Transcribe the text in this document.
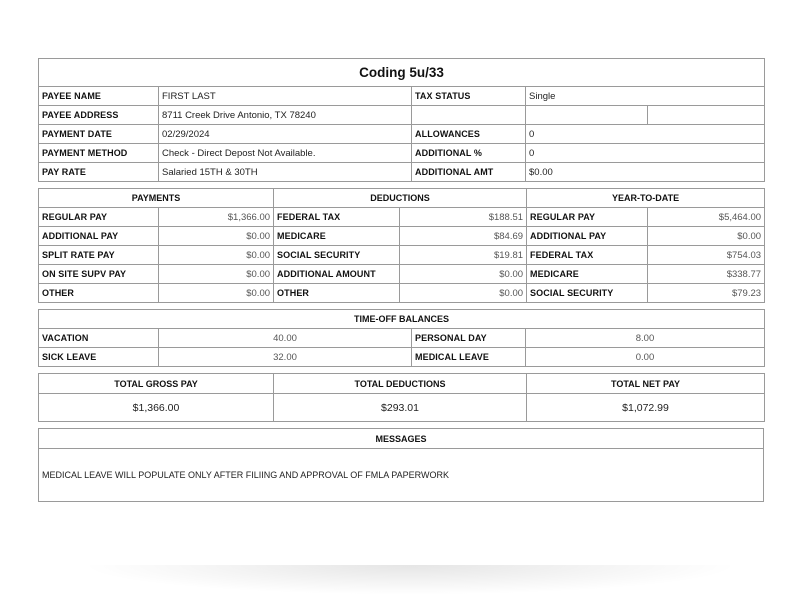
Coding 5u/33				
PAYEE NAME	FIRST LAST	TAX STATUS	Single	
PAYEE ADDRESS	8711 Creek Drive Antonio, TX 78240			
PAYMENT DATE	02/29/2024	ALLOWANCES	0	
PAYMENT METHOD	Check - Direct Depost Not Available.	ADDITIONAL %	0	
PAY RATE	Salaried 15TH & 30TH	ADDITIONAL AMT	$0.00	
PAYMENTS		DEDUCTIONS		YEAR-TO-DATE	
REGULAR PAY	$1,366.00	FEDERAL TAX	$188.51	REGULAR PAY	$5,464.00
ADDITIONAL PAY	$0.00	MEDICARE	$84.69	ADDITIONAL PAY	$0.00
SPLIT RATE PAY	$0.00	SOCIAL SECURITY	$19.81	FEDERAL TAX	$754.03
ON SITE SUPV PAY	$0.00	ADDITIONAL AMOUNT	$0.00	MEDICARE	$338.77
OTHER	$0.00	OTHER	$0.00	SOCIAL SECURITY	$79.23
TIME-OFF BALANCES			
VACATION	40.00	PERSONAL DAY	8.00
SICK LEAVE	32.00	MEDICAL LEAVE	0.00
TOTAL GROSS PAY	TOTAL DEDUCTIONS	TOTAL NET PAY
$1,366.00	$293.01	$1,072.99
MESSAGES
MEDICAL LEAVE WILL POPULATE ONLY AFTER FILIING AND APPROVAL OF FMLA PAPERWORK
